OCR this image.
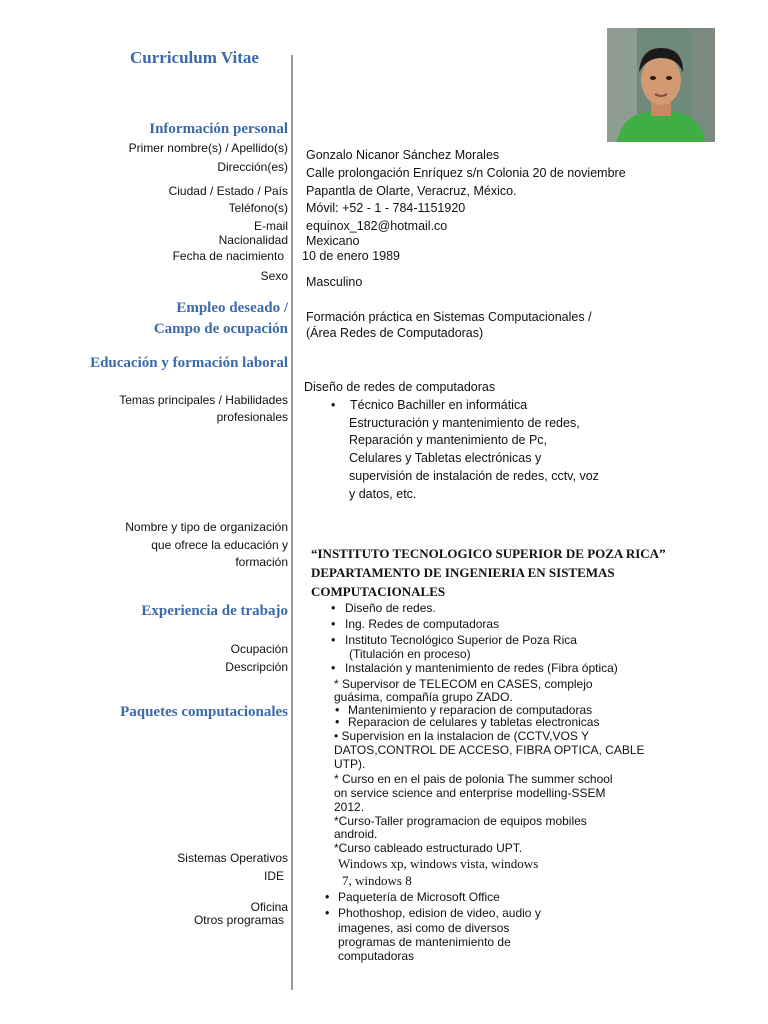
Curriculum Vitae
Información personal
Primer nombre(s) / Apellido(s)
Dirección(es)
Ciudad / Estado / País
Teléfono(s)
E-mail
Nacionalidad
Fecha de nacimiento
Sexo
Gonzalo Nicanor Sánchez Morales
Calle prolongación Enríquez s/n Colonia 20 de noviembre
Papantla de Olarte, Veracruz, México.
Móvil: +52 - 1 - 784-1151920
equinox_182@hotmail.co
Mexicano
10 de enero 1989
Masculino
Empleo deseado /
Campo de ocupación
Formación práctica en Sistemas Computacionales /
(Área Redes de Computadoras)
Educación y formación laboral
Temas principales / Habilidades
profesionales
Diseño de redes de computadoras
• Técnico Bachiller en informática
Estructuración y mantenimiento de redes,
Reparación y mantenimiento de Pc,
Celulares y Tabletas electrónicas y
supervisión de instalación de redes, cctv, voz
y datos, etc.
Nombre y tipo de organización
que ofrece la educación y
formación
“INSTITUTO TECNOLOGICO SUPERIOR DE POZA RICA”
DEPARTAMENTO DE INGENIERIA EN SISTEMAS
COMPUTACIONALES
Experiencia de trabajo
Ocupación
Descripción
• Diseño de redes.
• Ing. Redes de computadoras
• Instituto Tecnológico Superior de Poza Rica
(Titulación en proceso)
• Instalación y mantenimiento de redes (Fibra óptica)
* Supervisor de TELECOM en CASES, complejo
guásima, compañía grupo ZADO.
• Mantenimiento y reparacion de computadoras
• Reparacion de celulares y tabletas electronicas
• Supervision en la instalacion de (CCTV,VOS Y
DATOS,CONTROL DE ACCESO, FIBRA OPTICA, CABLE
UTP).
* Curso en en el pais de polonia The summer school
on service science and enterprise modelling-SSEM
2012.
*Curso-Taller programacion de equipos mobiles
android.
*Curso cableado estructurado UPT.
Paquetes computacionales
Sistemas Operativos
IDE
Oficina
Otros programas
Windows xp, windows vista, windows
7, windows 8
• Paquetería de Microsoft Office
• Phothoshop, edision de video, audio y
imagenes, asi como de diversos
programas de mantenimiento de
computadoras
